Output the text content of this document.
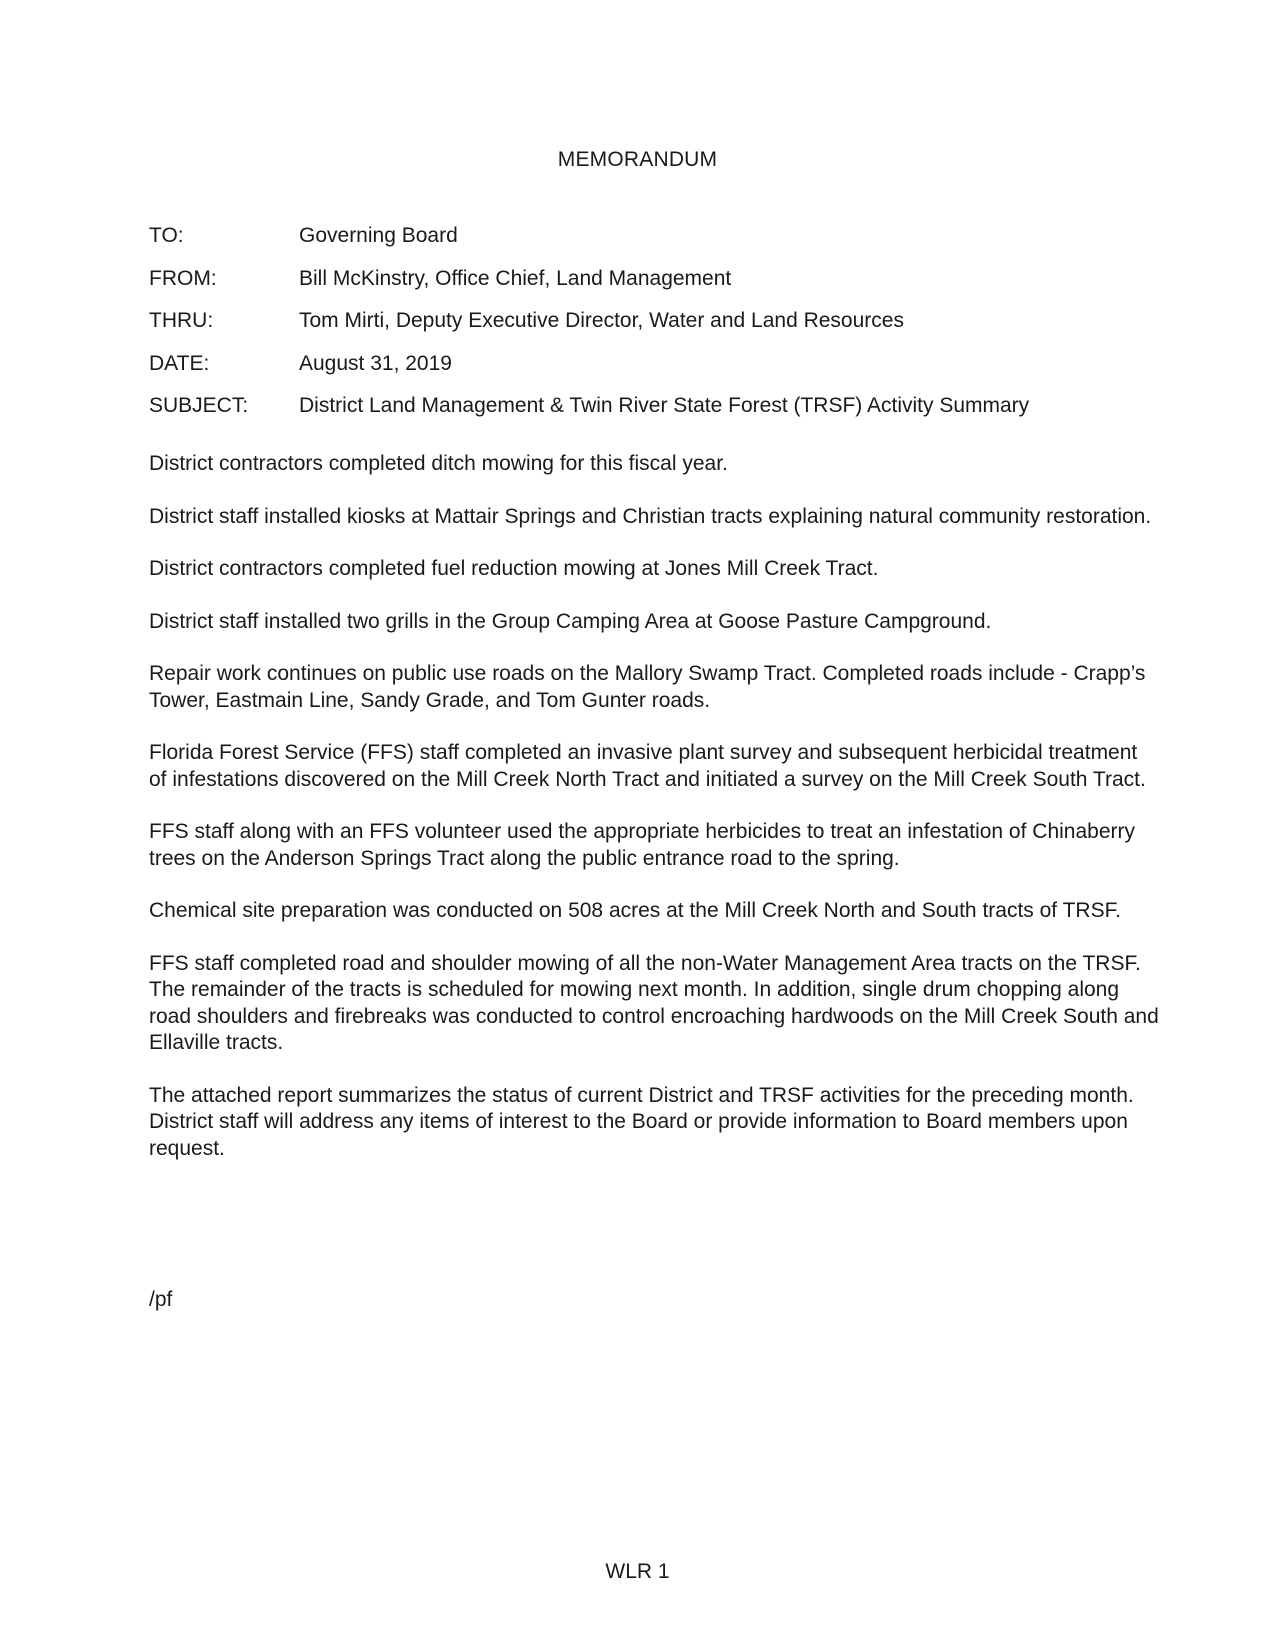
MEMORANDUM
TO:	Governing Board
FROM:	Bill McKinstry, Office Chief, Land Management
THRU:	Tom Mirti, Deputy Executive Director, Water and Land Resources
DATE:	August 31, 2019
SUBJECT:	District Land Management & Twin River State Forest (TRSF) Activity Summary

District contractors completed ditch mowing for this fiscal year.

District staff installed kiosks at Mattair Springs and Christian tracts explaining natural community restoration.

District contractors completed fuel reduction mowing at Jones Mill Creek Tract.

District staff installed two grills in the Group Camping Area at Goose Pasture Campground.

Repair work continues on public use roads on the Mallory Swamp Tract. Completed roads include - Crapp’s Tower, Eastmain Line, Sandy Grade, and Tom Gunter roads.

Florida Forest Service (FFS) staff completed an invasive plant survey and subsequent herbicidal treatment of infestations discovered on the Mill Creek North Tract and initiated a survey on the Mill Creek South Tract.

FFS staff along with an FFS volunteer used the appropriate herbicides to treat an infestation of Chinaberry trees on the Anderson Springs Tract along the public entrance road to the spring.

Chemical site preparation was conducted on 508 acres at the Mill Creek North and South tracts of TRSF.

FFS staff completed road and shoulder mowing of all the non-Water Management Area tracts on the TRSF. The remainder of the tracts is scheduled for mowing next month. In addition, single drum chopping along road shoulders and firebreaks was conducted to control encroaching hardwoods on the Mill Creek South and Ellaville tracts.

The attached report summarizes the status of current District and TRSF activities for the preceding month. District staff will address any items of interest to the Board or provide information to Board members upon request.

/pf
WLR 1
